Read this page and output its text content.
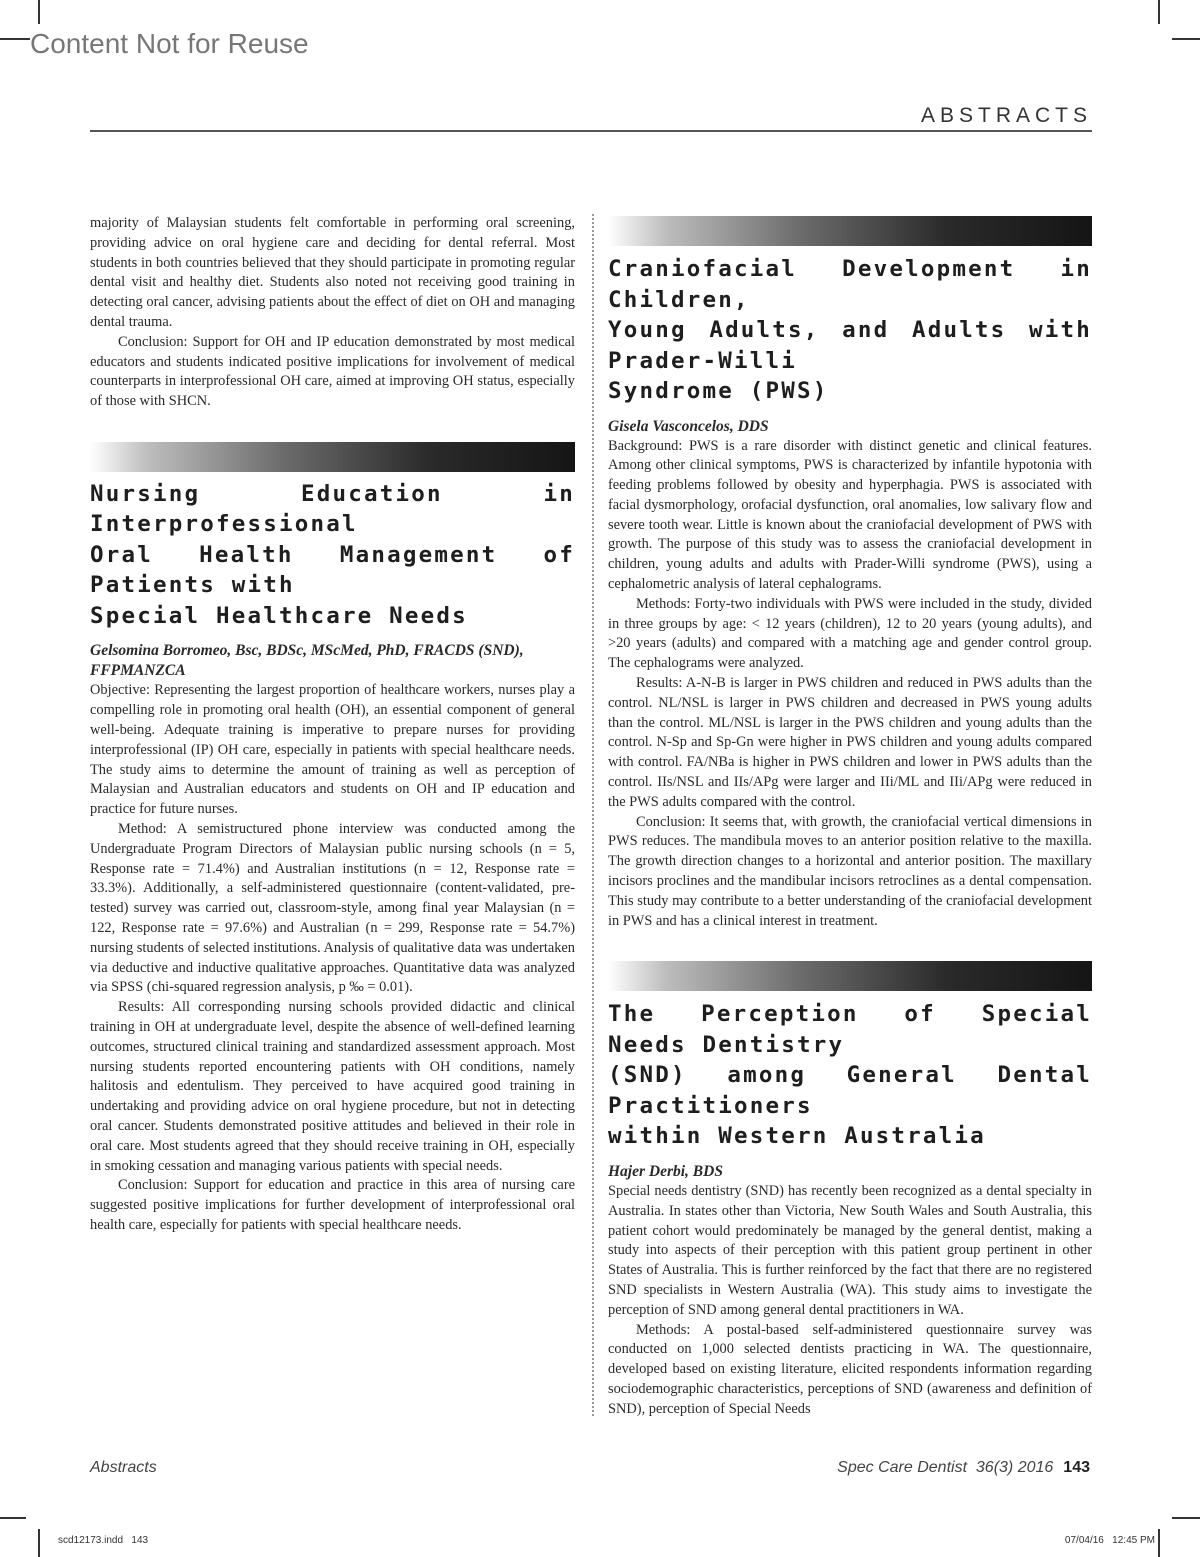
Content Not for Reuse
ABSTRACTS

majority of Malaysian students felt comfortable in performing oral screening, providing advice on oral hygiene care and deciding for dental referral. Most students in both countries believed that they should participate in promoting regular dental visit and healthy diet. Students also noted not receiving good training in detecting oral cancer, advising patients about the effect of diet on OH and managing dental trauma.

Conclusion: Support for OH and IP education demonstrated by most medical educators and students indicated positive implications for involvement of medical counterparts in interprofessional OH care, aimed at improving OH status, especially of those with SHCN.

Nursing Education in Interprofessional

Oral Health Management of Patients with

Special Healthcare Needs

Gelsomina Borromeo, Bsc, BDSc, MScMed, PhD, FRACDS (SND), FFPMANZCA

Objective: Representing the largest proportion of healthcare workers, nurses play a compelling role in promoting oral health (OH), an essential component of general well-being. Adequate training is imperative to prepare nurses for providing interprofessional (IP) OH care, especially in patients with special healthcare needs. The study aims to determine the amount of training as well as perception of Malaysian and Australian educators and students on OH and IP education and practice for future nurses.

Method: A semistructured phone interview was conducted among the Undergraduate Program Directors of Malaysian public nursing schools (n = 5, Response rate = 71.4%) and Australian institutions (n = 12, Response rate = 33.3%). Additionally, a self-administered questionnaire (content-validated, pre-tested) survey was carried out, classroom-style, among final year Malaysian (n = 122, Response rate = 97.6%) and Australian (n = 299, Response rate = 54.7%) nursing students of selected institutions. Analysis of qualitative data was undertaken via deductive and inductive qualitative approaches. Quantitative data was analyzed via SPSS (chi-squared regression analysis, p ‰ = 0.01).

Results: All corresponding nursing schools provided didactic and clinical training in OH at undergraduate level, despite the absence of well-defined learning outcomes, structured clinical training and standardized assessment approach. Most nursing students reported encountering patients with OH conditions, namely halitosis and edentulism. They perceived to have acquired good training in undertaking and providing advice on oral hygiene procedure, but not in detecting oral cancer. Students demonstrated positive attitudes and believed in their role in oral care. Most students agreed that they should receive training in OH, especially in smoking cessation and managing various patients with special needs.

Conclusion: Support for education and practice in this area of nursing care suggested positive implications for further development of interprofessional oral health care, especially for patients with special healthcare needs.

Craniofacial Development in Children,

Young Adults, and Adults with Prader-Willi

Syndrome (PWS)

Gisela Vasconcelos, DDS

Background: PWS is a rare disorder with distinct genetic and clinical features. Among other clinical symptoms, PWS is characterized by infantile hypotonia with feeding problems followed by obesity and hyperphagia. PWS is associated with facial dysmorphology, orofacial dysfunction, oral anomalies, low salivary flow and severe tooth wear. Little is known about the craniofacial development of PWS with growth. The purpose of this study was to assess the craniofacial development in children, young adults and adults with Prader-Willi syndrome (PWS), using a cephalometric analysis of lateral cephalograms.

Methods: Forty-two individuals with PWS were included in the study, divided in three groups by age: < 12 years (children), 12 to 20 years (young adults), and >20 years (adults) and compared with a matching age and gender control group. The cephalograms were analyzed.

Results: A-N-B is larger in PWS children and reduced in PWS adults than the control. NL/NSL is larger in PWS children and decreased in PWS young adults than the control. ML/NSL is larger in the PWS children and young adults than the control. N-Sp and Sp-Gn were higher in PWS children and young adults compared with control. FA/NBa is higher in PWS children and lower in PWS adults than the control. IIs/NSL and IIs/APg were larger and IIi/ML and IIi/APg were reduced in the PWS adults compared with the control.

Conclusion: It seems that, with growth, the craniofacial vertical dimensions in PWS reduces. The mandibula moves to an anterior position relative to the maxilla. The growth direction changes to a horizontal and anterior position. The maxillary incisors proclines and the mandibular incisors retroclines as a dental compensation. This study may contribute to a better understanding of the craniofacial development in PWS and has a clinical interest in treatment.

The Perception of Special Needs Dentistry

(SND) among General Dental Practitioners

within Western Australia

Hajer Derbi, BDS

Special needs dentistry (SND) has recently been recognized as a dental specialty in Australia. In states other than Victoria, New South Wales and South Australia, this patient cohort would predominately be managed by the general dentist, making a study into aspects of their perception with this patient group pertinent in other States of Australia. This is further reinforced by the fact that there are no registered SND specialists in Western Australia (WA). This study aims to investigate the perception of SND among general dental practitioners in WA.

Methods: A postal-based self-administered questionnaire survey was conducted on 1,000 selected dentists practicing in WA. The questionnaire, developed based on existing literature, elicited respondents information regarding sociodemographic characteristics, perceptions of SND (awareness and definition of SND), perception of Special Needs

Abstracts	Spec Care Dentist  36(3) 2016 143
scd12173.indd   143	07/04/16   12:45 PM
